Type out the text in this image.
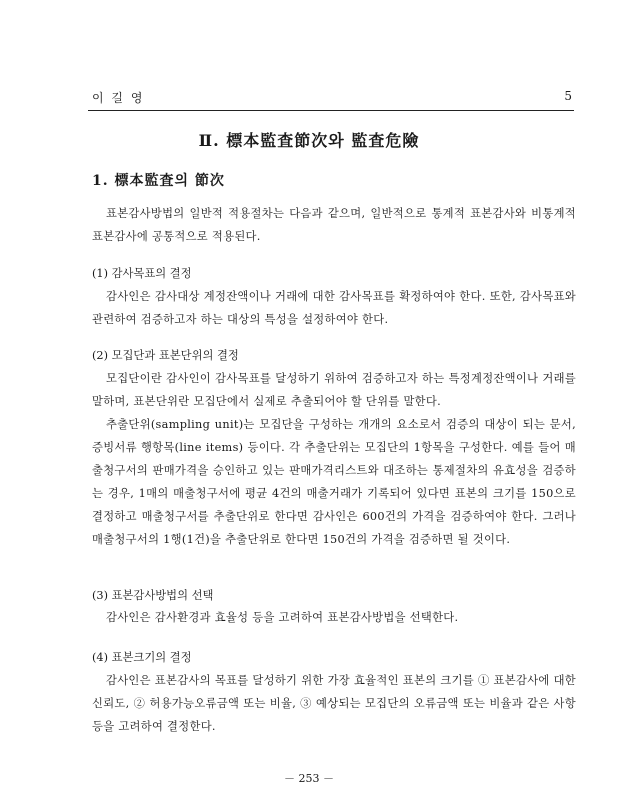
이 길 영	5
Ⅱ. 標本監査節次와 監査危險
1. 標本監査의 節次

표본감사방법의 일반적 적용절차는 다음과 같으며, 일반적으로 통계적 표본감사와 비통계적 표본감사에 공통적으로 적용된다.

(1) 감사목표의 결정

감사인은 감사대상 계정잔액이나 거래에 대한 감사목표를 확정하여야 한다. 또한, 감사목표와 관련하여 검증하고자 하는 대상의 특성을 설정하여야 한다.

(2) 모집단과 표본단위의 결정

모집단이란 감사인이 감사목표를 달성하기 위하여 검증하고자 하는 특정계정잔액이나 거래를 말하며, 표본단위란 모집단에서 실제로 추출되어야 할 단위를 말한다.

추출단위(sampling unit)는 모집단을 구성하는 개개의 요소로서 검증의 대상이 되는 문서, 증빙서류 행항목(line items) 등이다. 각 추출단위는 모집단의 1항목을 구성한다. 예를 들어 매출청구서의 판매가격을 승인하고 있는 판매가격리스트와 대조하는 통제절차의 유효성을 검증하는 경우, 1매의 매출청구서에 평균 4건의 매출거래가 기록되어 있다면 표본의 크기를 150으로 결정하고 매출청구서를 추출단위로 한다면 감사인은 600건의 가격을 검증하여야 한다. 그러나 매출청구서의 1행(1건)을 추출단위로 한다면 150건의 가격을 검증하면 될 것이다.

(3) 표본감사방법의 선택

감사인은 감사환경과 효율성 등을 고려하여 표본감사방법을 선택한다.

(4) 표본크기의 결정

감사인은 표본감사의 목표를 달성하기 위한 가장 효율적인 표본의 크기를 ① 표본감사에 대한 신뢰도, ② 허용가능오류금액 또는 비율, ③ 예상되는 모집단의 오류금액 또는 비율과 같은 사항 등을 고려하여 결정한다.

－ 253 －
